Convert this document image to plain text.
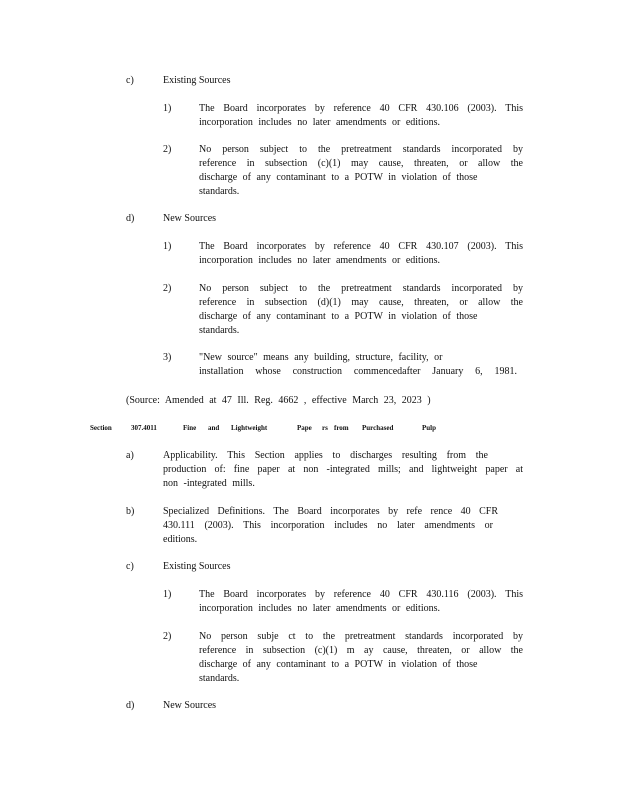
c)	Existing Sources
1)	The Board incorporates by reference 40 CFR 430.106 (2003). This
incorporation includes no later amendments or editions.
2)	No person subject to the pretreatment standards incorporated by
reference in subsection (c)(1) may cause, threaten, or allow the
discharge of any contaminant to a POTW in violation of those
standards.
d)	New Sources
1)	The Board incorporates by reference 40 CFR 430.107 (2003). This
incorporation includes no later amendments or editions.
2)	No person subject to the pretreatment standards incorporated by
reference in subsection (d)(1) may cause, threaten, or allow the
discharge of any contaminant to a POTW in violation of those
standards.
3)	"New source" means any building, structure, facility, or
installation whose construction commencedafter January 6, 1981.
(Source: Amended at 47 Ill. Reg. 4662 , effective March 23, 2023 )
Section	307.4011	Fine and Lightweight	Pape rs from Purchased	Pulp
a)	Applicability. This Section applies to discharges resulting from the
production of: fine paper at non -integrated mills; and lightweight paper at
non -integrated mills.
b)	Specialized Definitions. The Board incorporates by refe rence 40 CFR
430.111 (2003). This incorporation includes no later amendments or
editions.
c)	Existing Sources
1)	The Board incorporates by reference 40 CFR 430.116 (2003). This
incorporation includes no later amendments or editions.
2)	No person subje ct to the pretreatment standards incorporated by
reference in subsection (c)(1) m ay cause, threaten, or allow the
discharge of any contaminant to a POTW in violation of those
standards.
d)	New Sources
